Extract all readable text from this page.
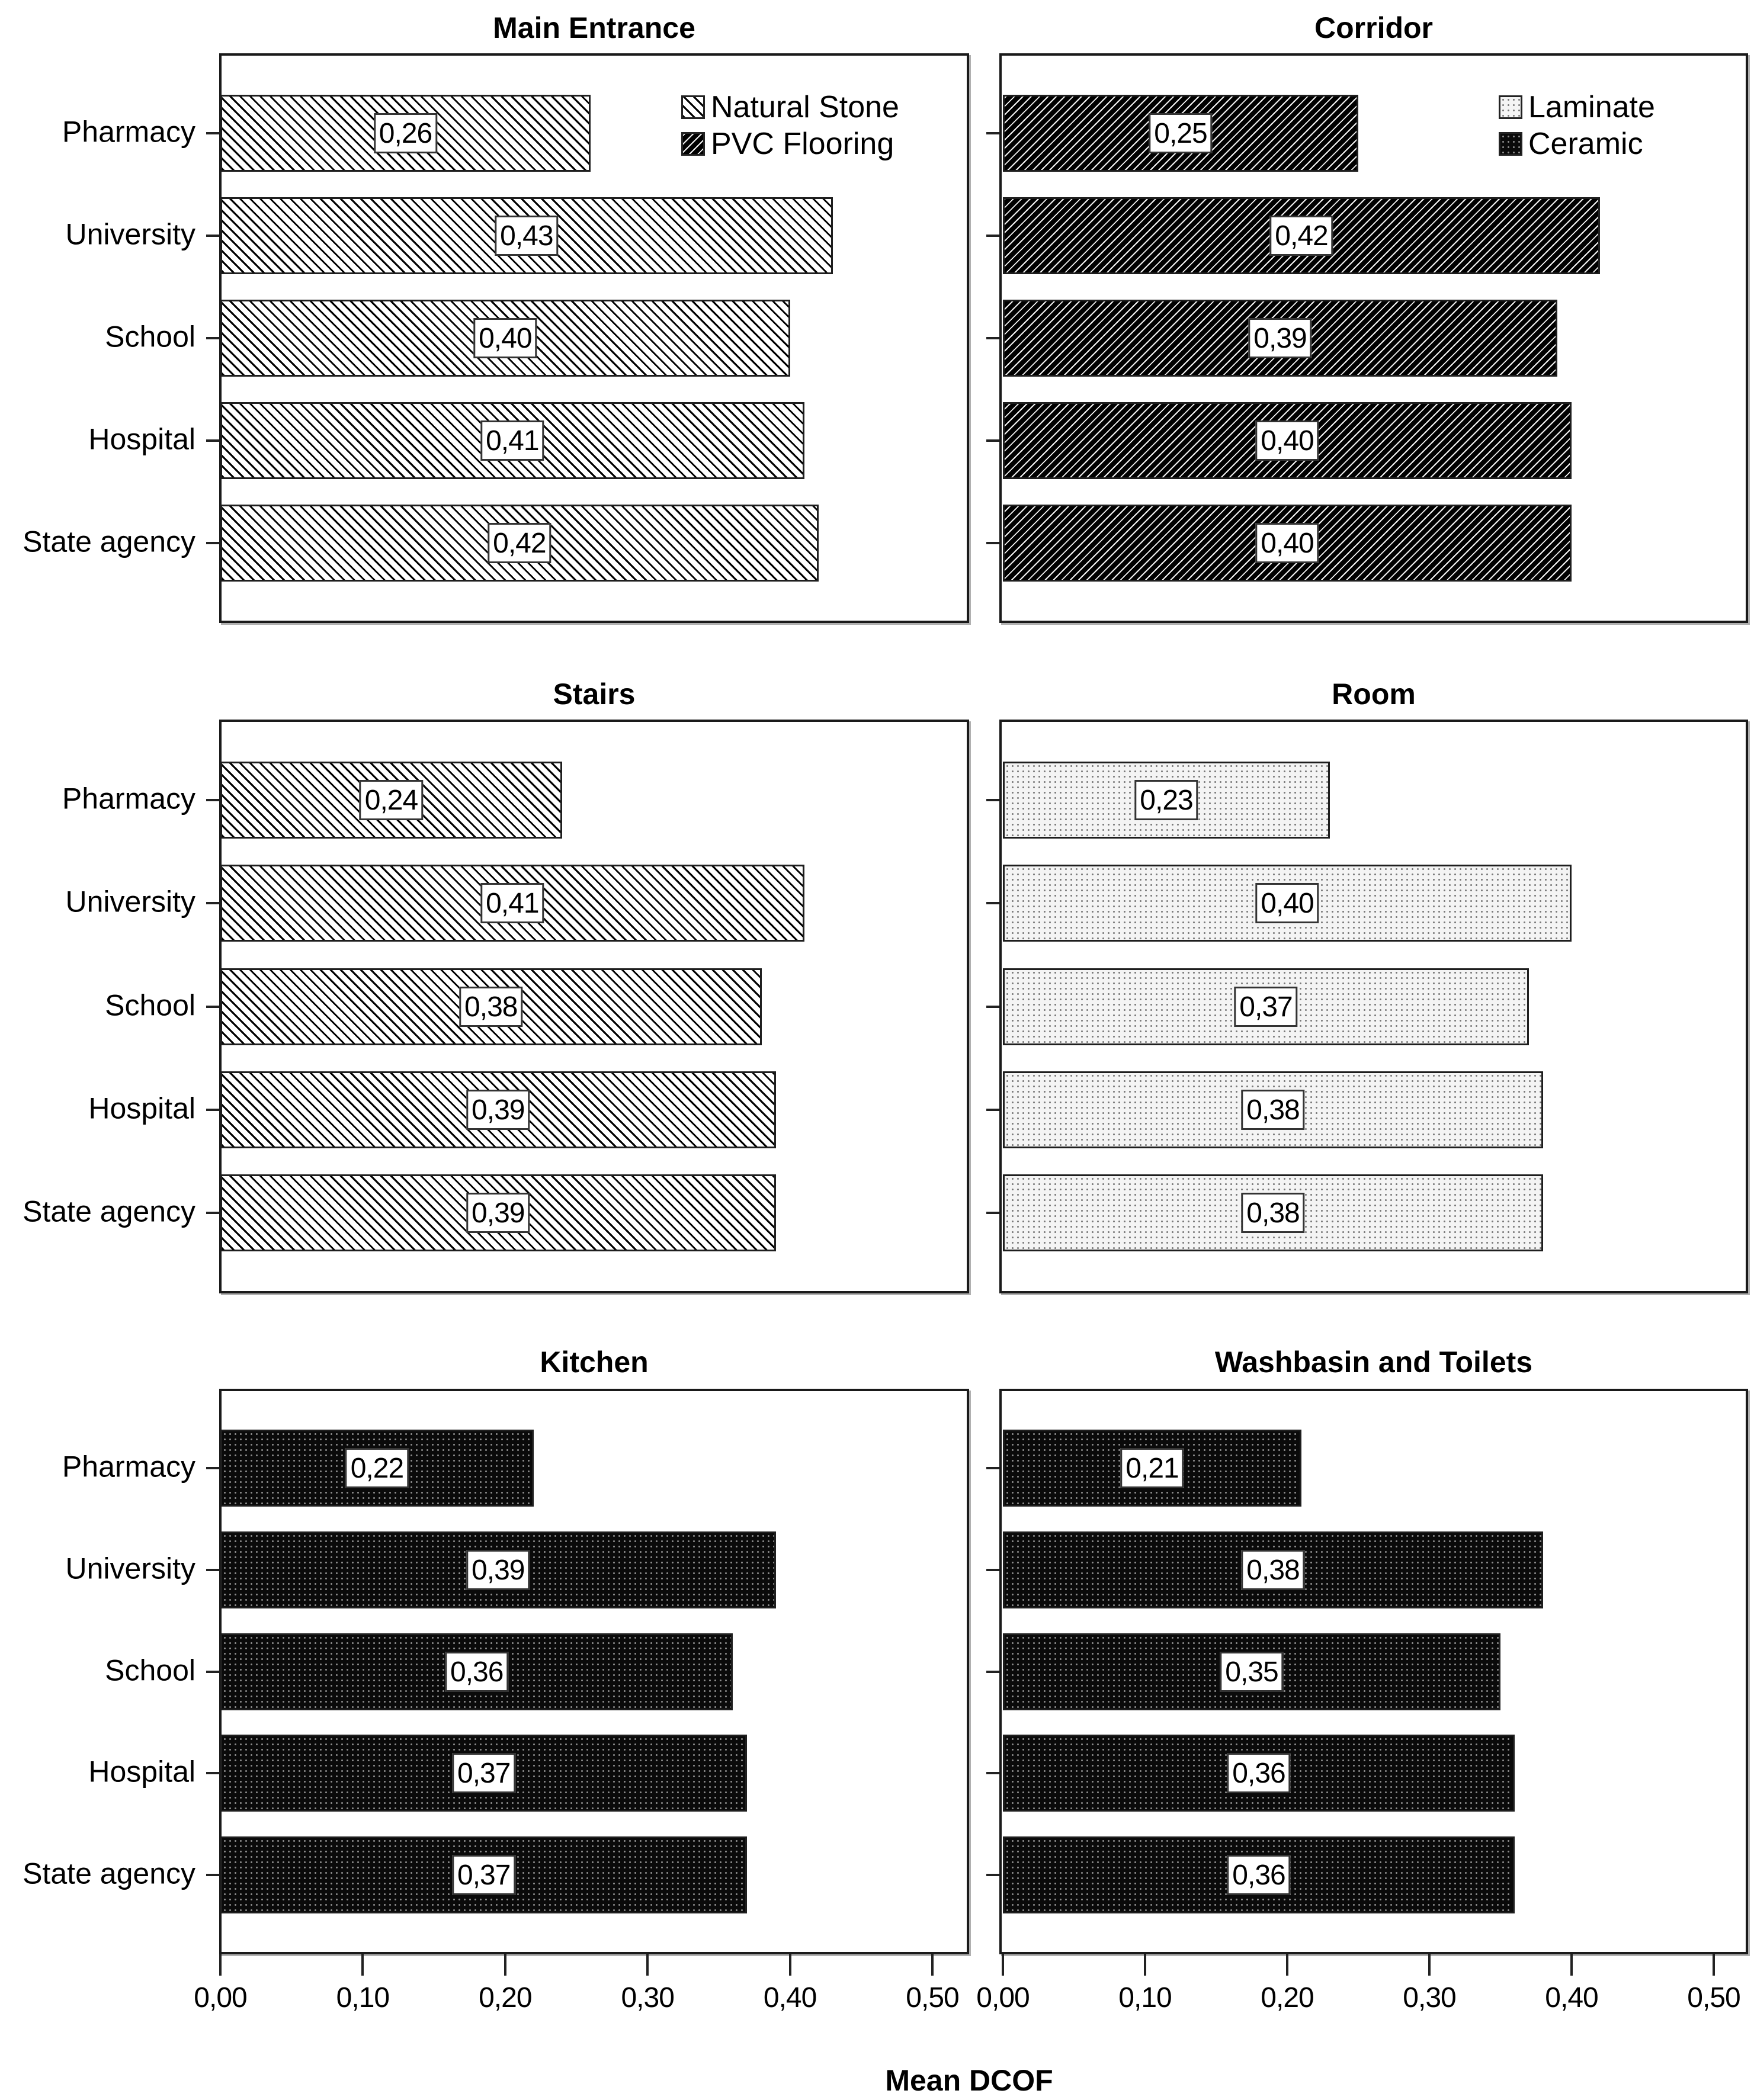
Main Entrance
0,26
Pharmacy
0,43
University
0,40
School
0,41
Hospital
0,42
State agency
Corridor
0,25
0,42
0,39
0,40
0,40
Stairs
0,24
Pharmacy
0,41
University
0,38
School
0,39
Hospital
0,39
State agency
Room
0,23
0,40
0,37
0,38
0,38
Kitchen
0,22
Pharmacy
0,39
University
0,36
School
0,37
Hospital
0,37
State agency
0,00	0,10	0,20	0,30	0,40	0,50
Washbasin and Toilets
0,21
0,38
0,35
0,36
0,36
0,00	0,10	0,20	0,30	0,40	0,50
Natural Stone
PVC Flooring
Laminate
Ceramic
Mean DCOF
